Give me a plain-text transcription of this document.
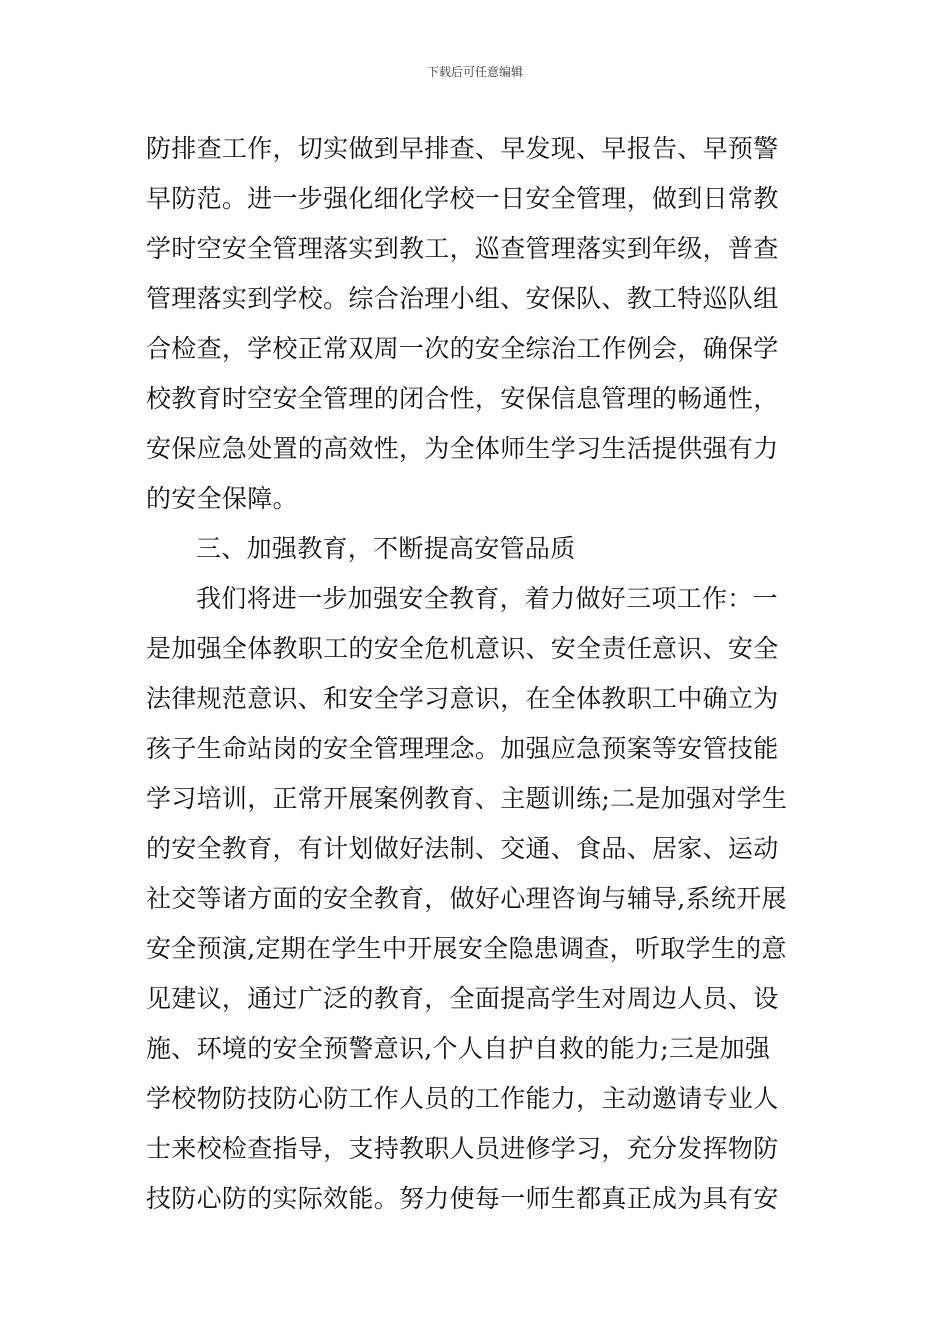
下载后可任意编辑
防排查工作，切实做到早排查、早发现、早报告、早预警
早防范。进一步强化细化学校一日安全管理，做到日常教
学时空安全管理落实到教工，巡查管理落实到年级，普查
管理落实到学校。综合治理小组、安保队、教工特巡队组
合检查，学校正常双周一次的安全综治工作例会，确保学
校教育时空安全管理的闭合性，安保信息管理的畅通性，
安保应急处置的高效性，为全体师生学习生活提供强有力
的安全保障。
三、加强教育，不断提高安管品质
我们将进一步加强安全教育，着力做好三项工作：一
是加强全体教职工的安全危机意识、安全责任意识、安全
法律规范意识、和安全学习意识，在全体教职工中确立为
孩子生命站岗的安全管理理念。加强应急预案等安管技能
学习培训，正常开展案例教育、主题训练;二是加强对学生
的安全教育，有计划做好法制、交通、食品、居家、运动
社交等诸方面的安全教育，做好心理咨询与辅导,系统开展
安全预演,定期在学生中开展安全隐患调查，听取学生的意
见建议，通过广泛的教育，全面提高学生对周边人员、设
施、环境的安全预警意识,个人自护自救的能力;三是加强
学校物防技防心防工作人员的工作能力，主动邀请专业人
士来校检查指导，支持教职人员进修学习，充分发挥物防
技防心防的实际效能。努力使每一师生都真正成为具有安
